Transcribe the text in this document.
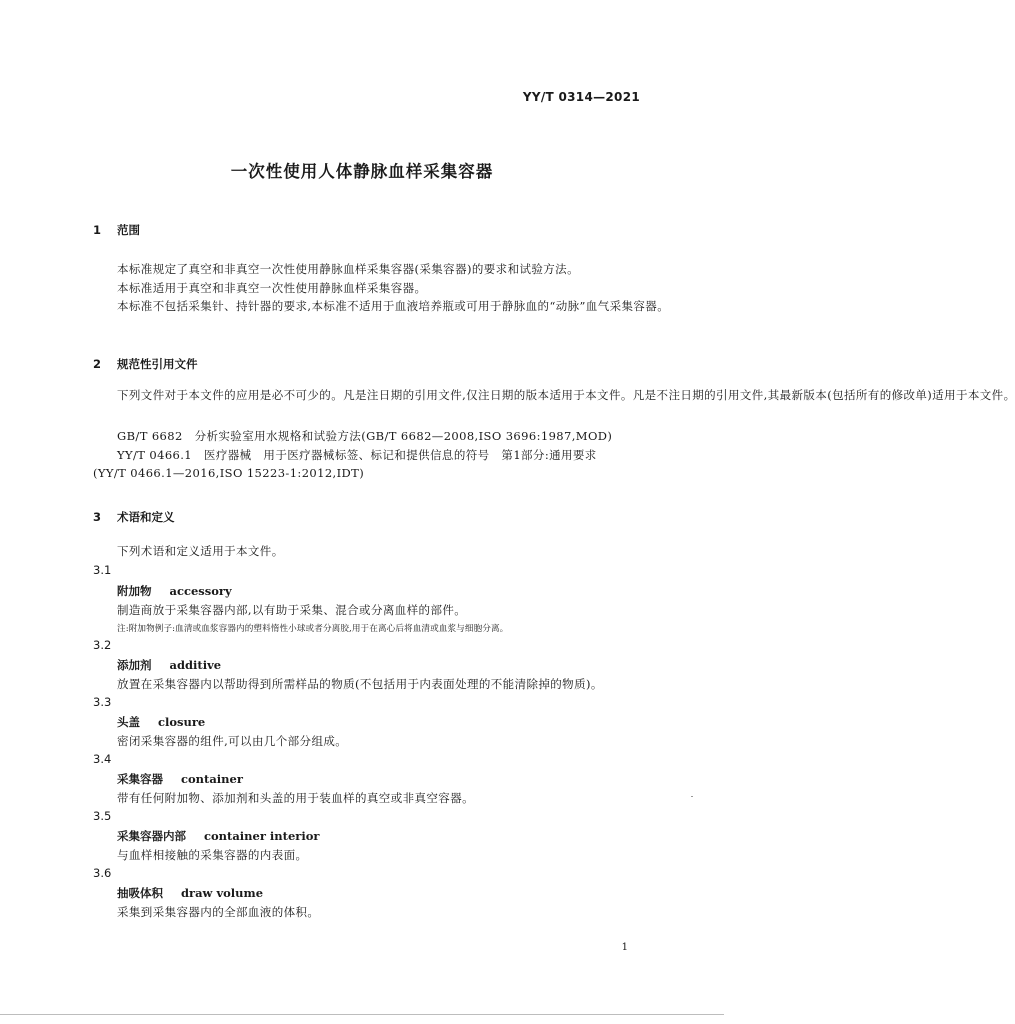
YY/T 0314—2021
一次性使用人体静脉血样采集容器
1 范围
本标准规定了真空和非真空一次性使用静脉血样采集容器(采集容器)的要求和试验方法。
本标准适用于真空和非真空一次性使用静脉血样采集容器。
本标准不包括采集针、持针器的要求,本标准不适用于血液培养瓶或可用于静脉血的“动脉”血气采集容器。
2 规范性引用文件
下列文件对于本文件的应用是必不可少的。凡是注日期的引用文件,仅注日期的版本适用于本文件。凡是不注日期的引用文件,其最新版本(包括所有的修改单)适用于本文件。
GB/T 6682　分析实验室用水规格和试验方法(GB/T 6682—2008,ISO 3696:1987,MOD)
YY/T 0466.1　医疗器械　用于医疗器械标签、标记和提供信息的符号　第1部分:通用要求
(YY/T 0466.1—2016,ISO 15223-1:2012,IDT)
3 术语和定义
下列术语和定义适用于本文件。
3.1
附加物 accessory
制造商放于采集容器内部,以有助于采集、混合或分离血样的部件。
注:附加物例子:血清或血浆容器内的塑料惰性小球或者分离胶,用于在离心后将血清或血浆与细胞分离。
3.2
添加剂 additive
放置在采集容器内以帮助得到所需样品的物质(不包括用于内表面处理的不能清除掉的物质)。
3.3
头盖 closure
密闭采集容器的组件,可以由几个部分组成。
3.4
采集容器 container
带有任何附加物、添加剂和头盖的用于装血样的真空或非真空容器。
3.5
采集容器内部 container interior
与血样相接触的采集容器的内表面。
3.6
抽吸体积 draw volume
采集到采集容器内的全部血液的体积。
1
